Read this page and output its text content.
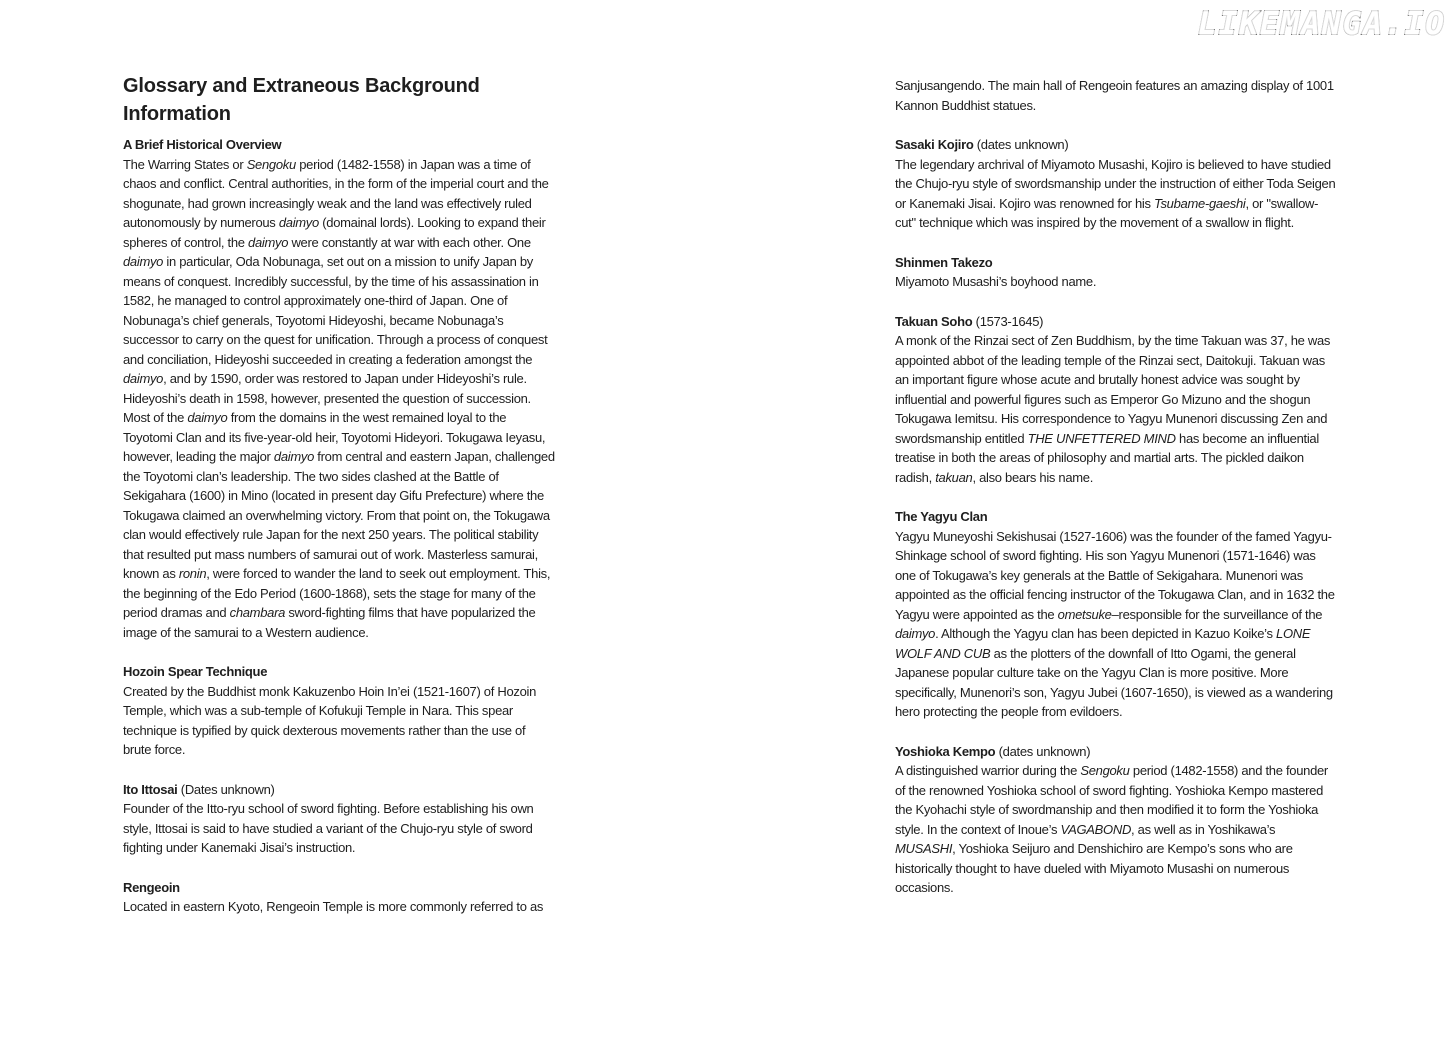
LIKEMANGA.IO
Glossary and Extraneous Background Information

A Brief Historical Overview

The Warring States or Sengoku period (1482-1558) in Japan was a time of chaos and conflict. Central authorities, in the form of the imperial court and the shogunate, had grown increasingly weak and the land was effectively ruled autonomously by numerous daimyo (domainal lords). Looking to expand their spheres of control, the daimyo were constantly at war with each other. One daimyo in particular, Oda Nobunaga, set out on a mission to unify Japan by means of conquest. Incredibly successful, by the time of his assassination in 1582, he managed to control approximately one-third of Japan. One of Nobunaga’s chief generals, Toyotomi Hideyoshi, became Nobunaga’s successor to carry on the quest for unification. Through a process of conquest and conciliation, Hideyoshi succeeded in creating a federation amongst the daimyo, and by 1590, order was restored to Japan under Hideyoshi’s rule. Hideyoshi’s death in 1598, however, presented the question of succession. Most of the daimyo from the domains in the west remained loyal to the Toyotomi Clan and its five-year-old heir, Toyotomi Hideyori. Tokugawa Ieyasu, however, leading the major daimyo from central and eastern Japan, challenged the Toyotomi clan’s leadership. The two sides clashed at the Battle of Sekigahara (1600) in Mino (located in present day Gifu Prefecture) where the Tokugawa claimed an overwhelming victory. From that point on, the Tokugawa clan would effectively rule Japan for the next 250 years. The political stability that resulted put mass numbers of samurai out of work. Masterless samurai, known as ronin, were forced to wander the land to seek out employment. This, the beginning of the Edo Period (1600-1868), sets the stage for many of the period dramas and chambara sword-fighting films that have popularized the image of the samurai to a Western audience.

Hozoin Spear Technique

Created by the Buddhist monk Kakuzenbo Hoin In’ei (1521-1607) of Hozoin Temple, which was a sub-temple of Kofukuji Temple in Nara. This spear technique is typified by quick dexterous movements rather than the use of brute force.

Ito Ittosai (Dates unknown)

Founder of the Itto-ryu school of sword fighting. Before establishing his own style, Ittosai is said to have studied a variant of the Chujo-ryu style of sword fighting under Kanemaki Jisai’s instruction.

Rengeoin

Located in eastern Kyoto, Rengeoin Temple is more commonly referred to as

Sanjusangendo. The main hall of Rengeoin features an amazing display of 1001 Kannon Buddhist statues.

Sasaki Kojiro (dates unknown)

The legendary archrival of Miyamoto Musashi, Kojiro is believed to have studied the Chujo-ryu style of swordsmanship under the instruction of either Toda Seigen or Kanemaki Jisai. Kojiro was renowned for his Tsubame-gaeshi, or "swallow-cut" technique which was inspired by the movement of a swallow in flight.

Shinmen Takezo

Miyamoto Musashi’s boyhood name.

Takuan Soho (1573-1645)

A monk of the Rinzai sect of Zen Buddhism, by the time Takuan was 37, he was appointed abbot of the leading temple of the Rinzai sect, Daitokuji. Takuan was an important figure whose acute and brutally honest advice was sought by influential and powerful figures such as Emperor Go Mizuno and the shogun Tokugawa Iemitsu. His correspondence to Yagyu Munenori discussing Zen and swordsmanship entitled THE UNFETTERED MIND has become an influential treatise in both the areas of philosophy and martial arts. The pickled daikon radish, takuan, also bears his name.

The Yagyu Clan

Yagyu Muneyoshi Sekishusai (1527-1606) was the founder of the famed Yagyu-Shinkage school of sword fighting. His son Yagyu Munenori (1571-1646) was one of Tokugawa’s key generals at the Battle of Sekigahara. Munenori was appointed as the official fencing instructor of the Tokugawa Clan, and in 1632 the Yagyu were appointed as the ometsuke–responsible for the surveillance of the daimyo. Although the Yagyu clan has been depicted in Kazuo Koike’s LONE WOLF AND CUB as the plotters of the downfall of Itto Ogami, the general Japanese popular culture take on the Yagyu Clan is more positive. More specifically, Munenori’s son, Yagyu Jubei (1607-1650), is viewed as a wandering hero protecting the people from evildoers.

Yoshioka Kempo (dates unknown)

A distinguished warrior during the Sengoku period (1482-1558) and the founder of the renowned Yoshioka school of sword fighting. Yoshioka Kempo mastered the Kyohachi style of swordmanship and then modified it to form the Yoshioka style. In the context of Inoue’s VAGABOND, as well as in Yoshikawa’s MUSASHI, Yoshioka Seijuro and Denshichiro are Kempo’s sons who are historically thought to have dueled with Miyamoto Musashi on numerous occasions.
